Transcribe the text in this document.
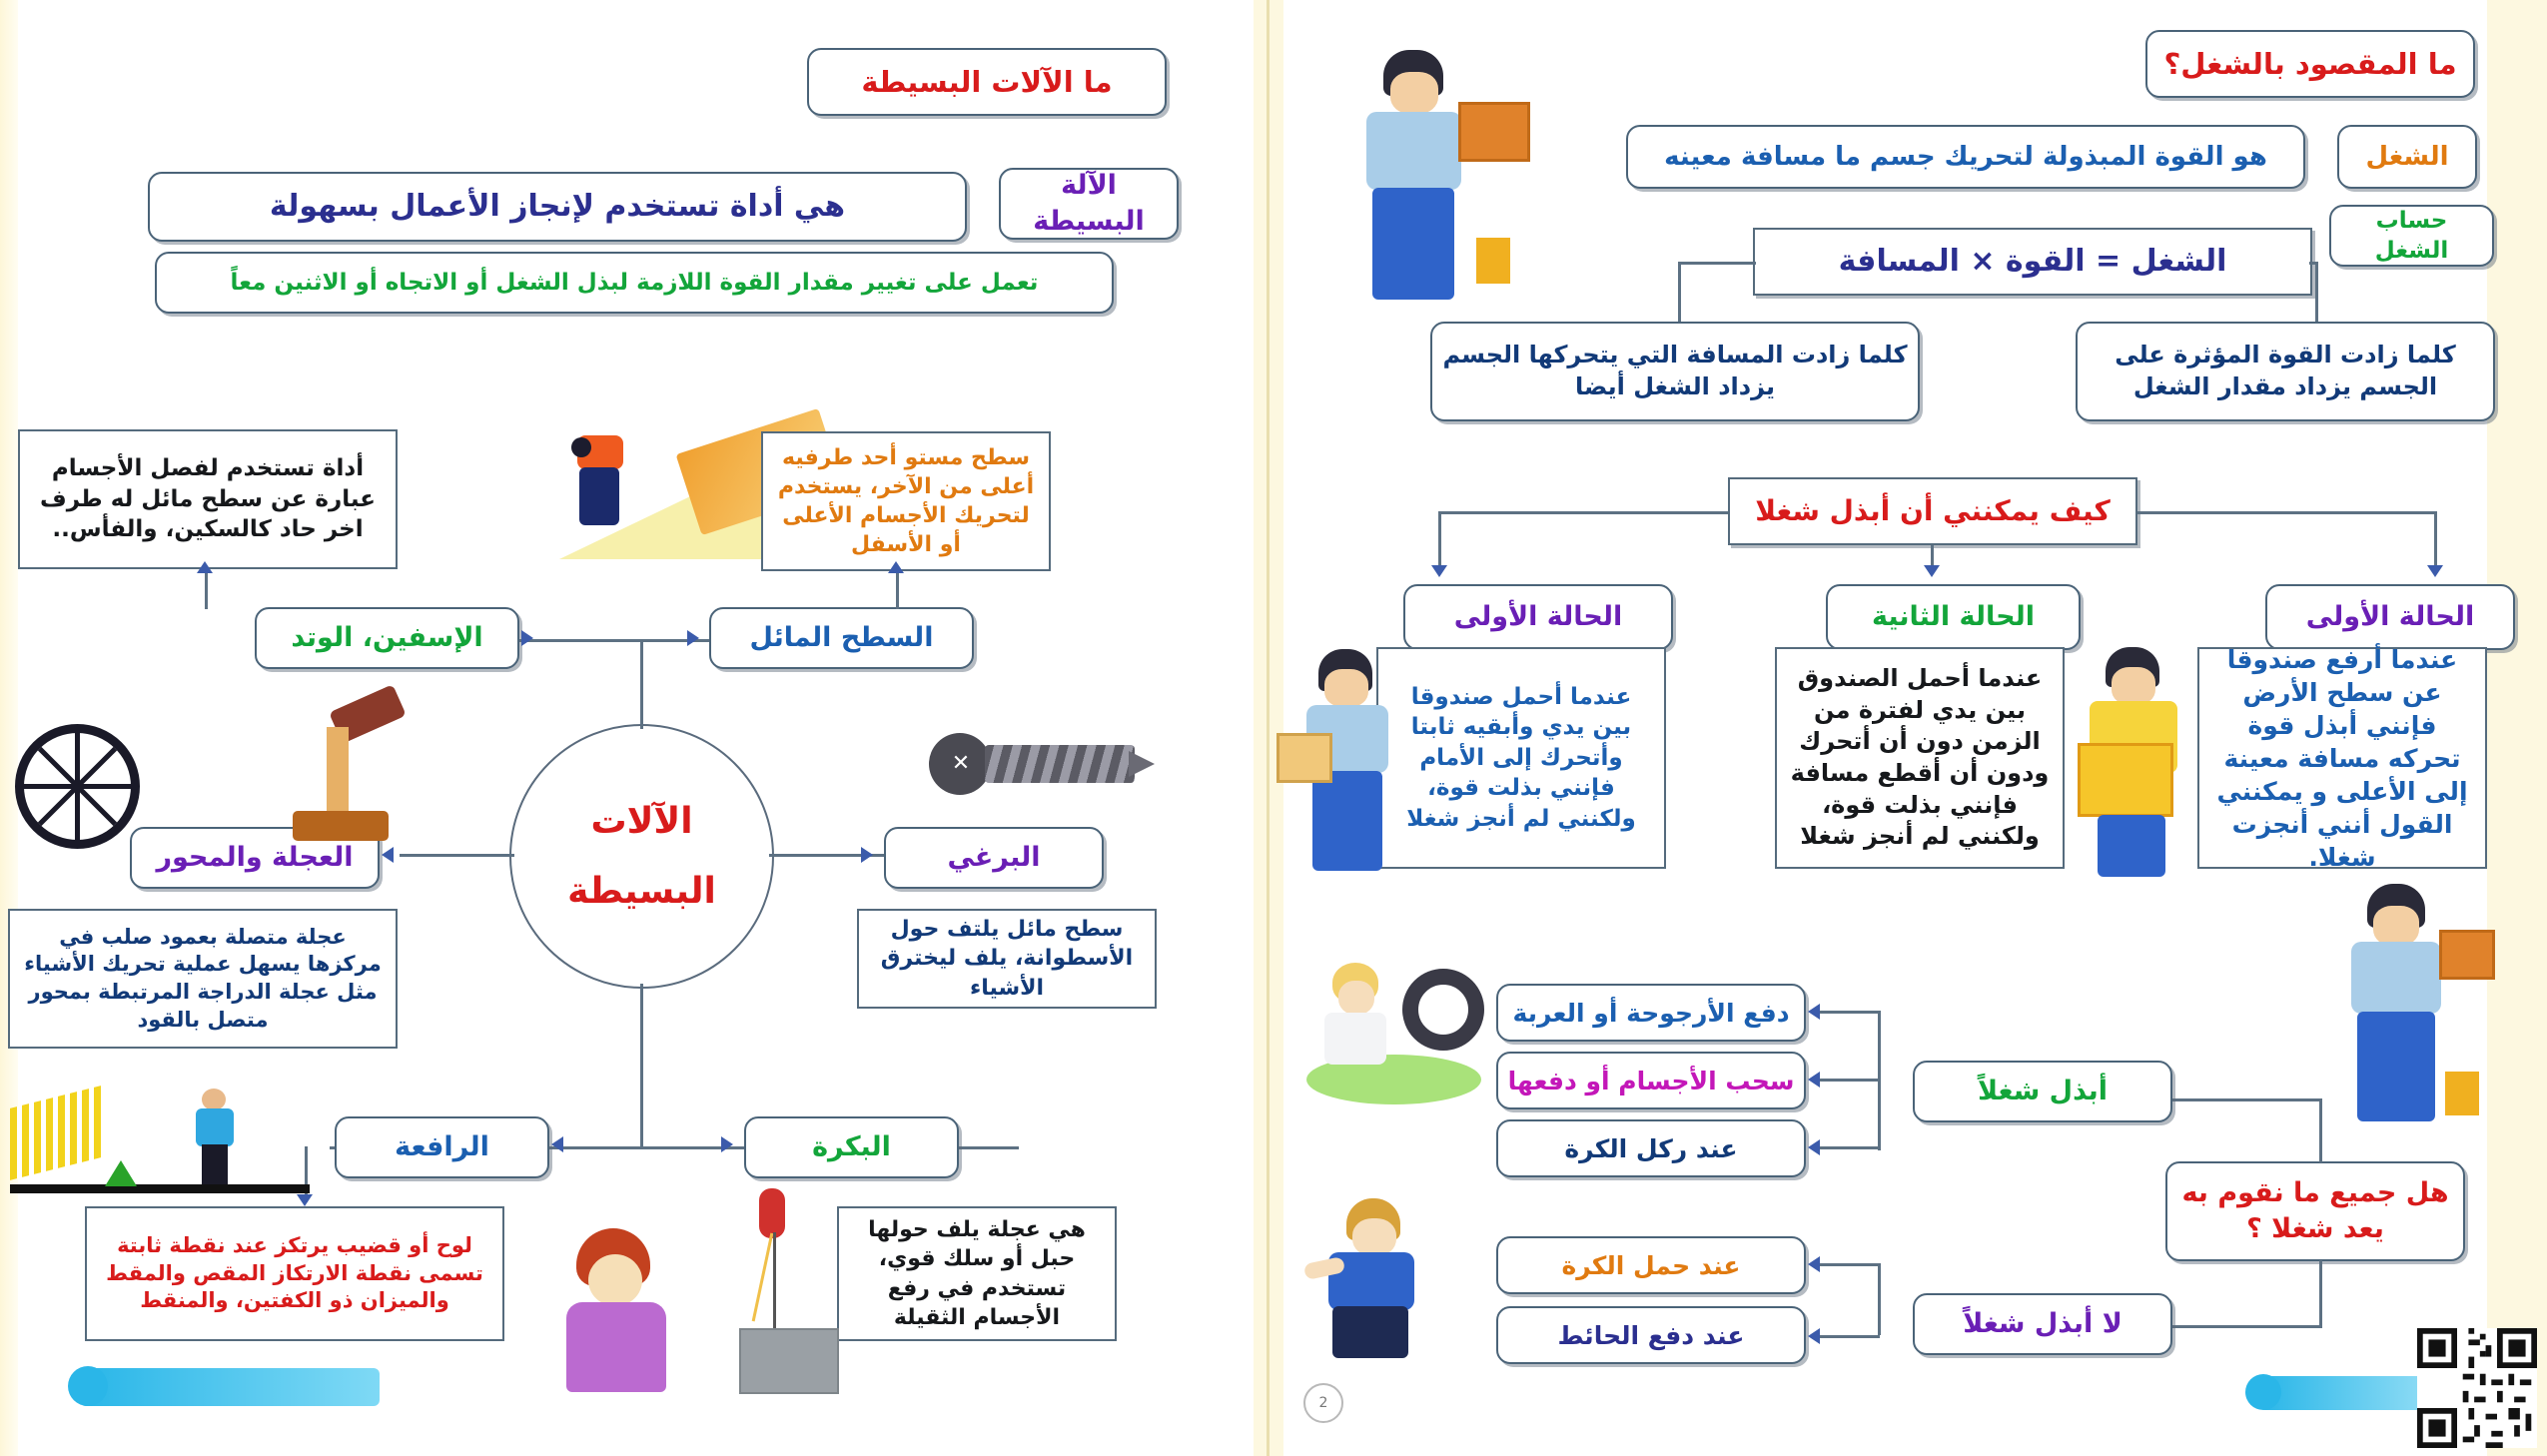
ما الآلات البسيطة
الآلة البسيطة
هي أداة تستخدم لإنجاز الأعمال بسهولة
تعمل على تغيير مقدار القوة اللازمة لبذل الشغل أو الاتجاه أو الاثنين معاً
الآلات
البسيطة
الإسفين، الوتد
أداة تستخدم لفصل الأجسام عبارة عن سطح مائل له طرف اخر حاد كالسكين، والفأس..
السطح المائل
سطح مستو أحد طرفيه أعلى من الآخر، يستخدم لتحريك الأجسام الأعلى أو الأسفل
العجلة والمحور
عجلة متصلة بعمود صلب في مركزها يسهل عملية تحريك الأشياء مثل عجلة الدراجة المرتبطة بمحور متصل بالقود
البرغي
سطح مائل يلتف حول الأسطوانة، يلف ليخترق الأشياء
✕
الرافعة
لوح أو قضيب يرتكز عند نقطة ثابتة تسمى نقطة الارتكاز المقص والمقط والميزان ذو الكفتين، والمنقط
البكرة
هي عجلة يلف حولها حبل أو سلك قوي، تستخدم في رفع الأجسام الثقيلة
ما المقصود بالشغل؟
الشغل
هو القوة المبذولة لتحريك جسم ما مسافة معينه
حساب الشغل
الشغل = القوة × المسافة
كلما زادت القوة المؤثرة على الجسم يزداد مقدار الشغل
كلما زادت المسافة التي يتحركها الجسم يزداد الشغل أيضا
كيف يمكنني أن أبذل شغلا
الحالة الأولى	الحالة الثانية	الحالة الأولى
عندما أحمل صندوقا بين يدي وأبقيه ثابتا وأتحرك إلى الأمام فإنني بذلت قوة، ولكنني لم أنجز شغلا
عندما أحمل الصندوق بين يدي لفترة من الزمن دون أن أتحرك ودون أن أقطع مسافة فإنني بذلت قوة، ولكنني لم أنجز شغلا
عندما أرفع صندوقا عن سطح الأرض فإنني أبذل قوة تحركه مسافة معينة إلى الأعلى و يمكنني القول أنني أنجزت شغلا.
هل جميع ما نقوم به يعد شغلا ؟
أبذل شغلاً
لا أبذل شغلاً
دفع الأرجوحة أو العربة
سحب الأجسام أو دفعها
عند ركل الكرة
عند حمل الكرة
عند دفع الحائط
2
